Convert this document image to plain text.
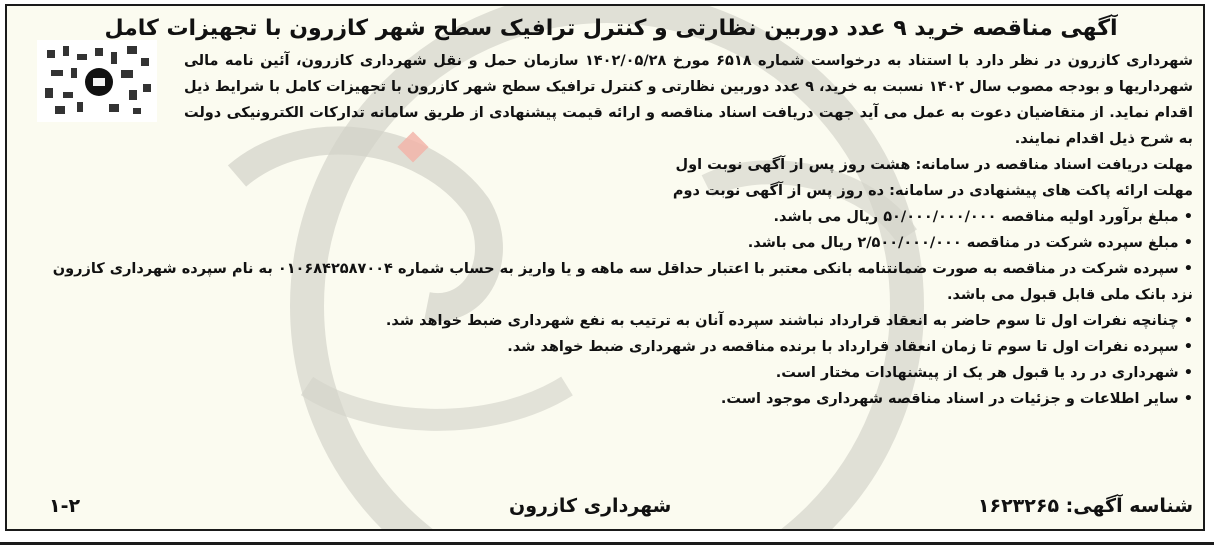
آگهی مناقصه خرید ۹ عدد دوربین نظارتی و کنترل ترافیک سطح شهر کازرون با تجهیزات کامل
شهرداری کازرون در نظر دارد با استناد به درخواست شماره ۶۵۱۸ مورخ ۱۴۰۲/۰۵/۲۸ سازمان حمل و نقل شهرداری کازرون، آئین نامه مالی شهرداریها و بودجه مصوب سال ۱۴۰۲ نسبت به خرید، ۹ عدد دوربین نظارتی و کنترل ترافیک سطح شهر کازرون با تجهیزات کامل با شرایط ذیل اقدام نماید. از متقاضیان دعوت به عمل می آید جهت دریافت اسناد مناقصه و ارائه قیمت پیشنهادی از طریق سامانه تدارکات الکترونیکی دولت به شرح ذیل اقدام نمایند.
مهلت دریافت اسناد مناقصه در سامانه: هشت روز پس از آگهی نوبت اول
مهلت ارائه پاکت های پیشنهادی در سامانه: ده روز پس از آگهی نوبت دوم
• مبلغ برآورد اولیه مناقصه ۵۰/۰۰۰/۰۰۰/۰۰۰ ریال می باشد.
• مبلغ سپرده شرکت در مناقصه ۲/۵۰۰/۰۰۰/۰۰۰ ریال می باشد.
• سپرده شرکت در مناقصه به صورت ضمانتنامه بانکی معتبر با اعتبار حداقل سه ماهه و یا واریز به حساب شماره ۰۱۰۶۸۴۲۵۸۷۰۰۴ به نام سپرده شهرداری کازرون نزد بانک ملی قابل قبول می باشد.
• چنانچه نفرات اول تا سوم حاضر به انعقاد قرارداد نباشند سپرده آنان به ترتیب به نفع شهرداری ضبط خواهد شد.
• سپرده نفرات اول تا سوم تا زمان انعقاد قرارداد با برنده مناقصه در شهرداری ضبط خواهد شد.
• شهرداری در رد یا قبول هر یک از پیشنهادات مختار است.
• سایر اطلاعات و جزئیات در اسناد مناقصه شهرداری موجود است.
شناسه آگهی: ۱۶۲۳۲۶۵
شهرداری کازرون
۱-۲
